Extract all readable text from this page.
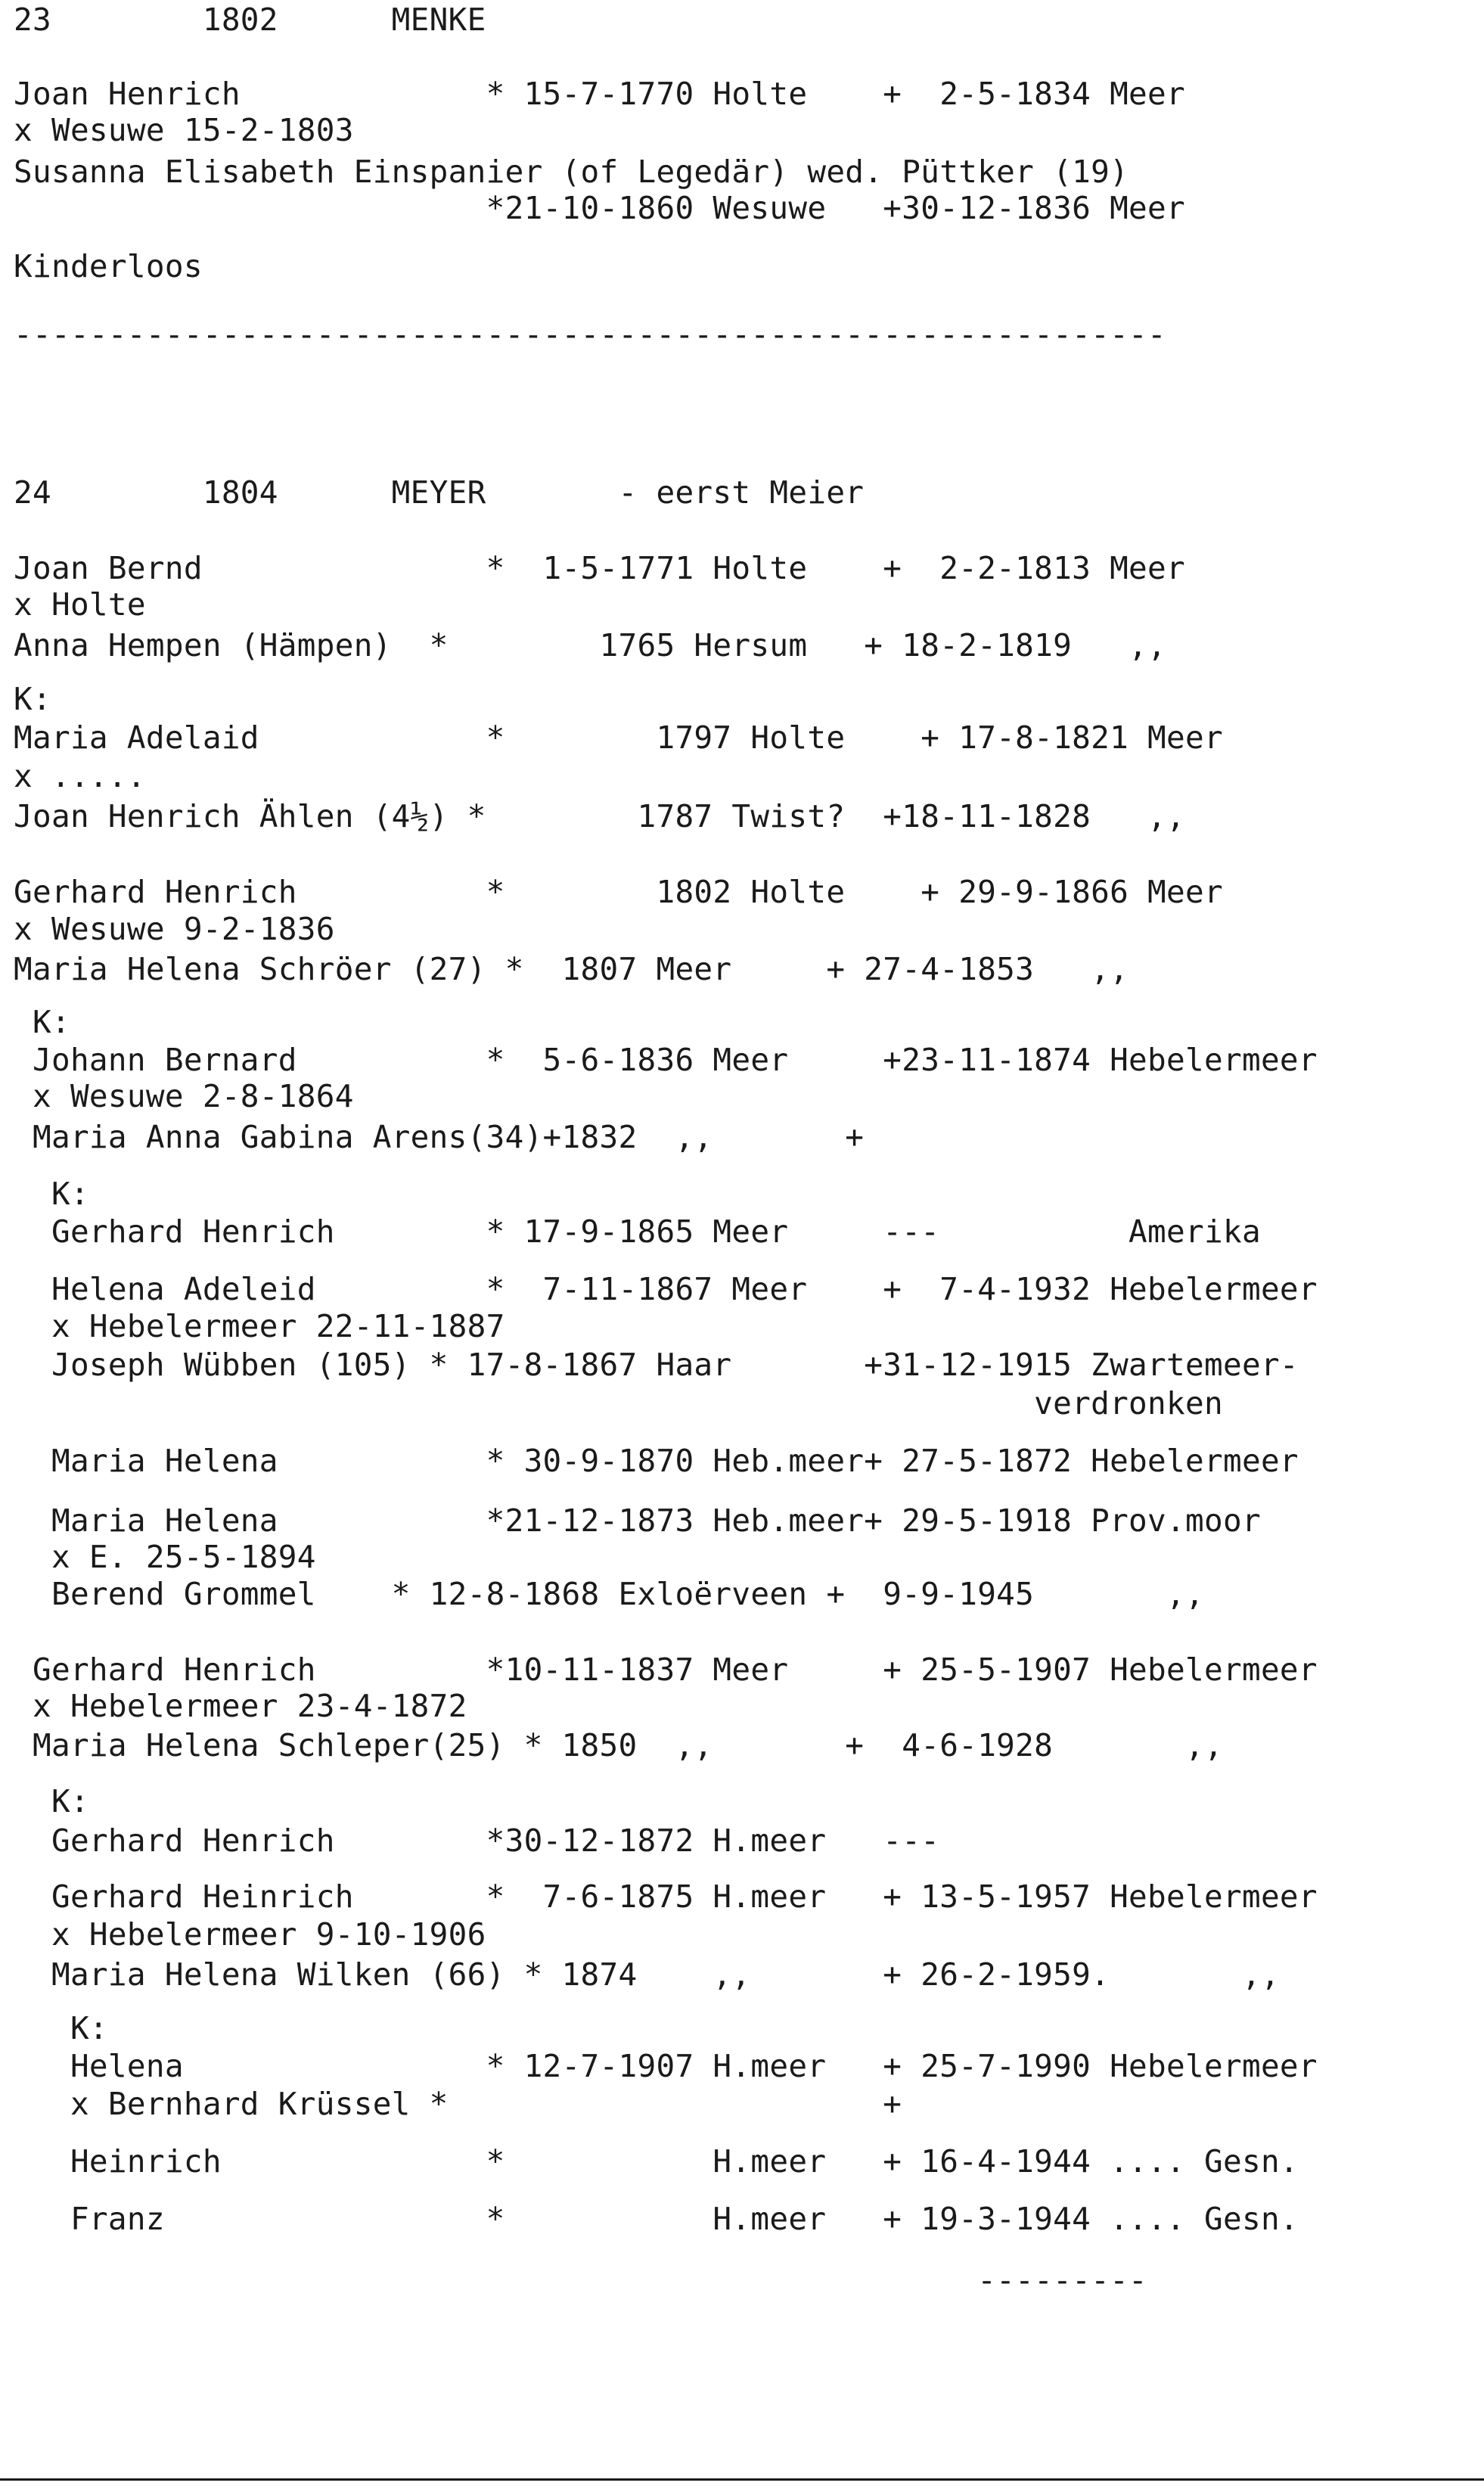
23        1802      MENKE
Joan Henrich             * 15-7-1770 Holte    +  2-5-1834 Meer
x Wesuwe 15-2-1803
Susanna Elisabeth Einspanier (of Legedär) wed. Püttker (19)
*21-10-1860 Wesuwe   +30-12-1836 Meer
Kinderloos
-------------------------------------------------------------
24        1804      MEYER       - eerst Meier
Joan Bernd               *  1-5-1771 Holte    +  2-2-1813 Meer
x Holte
Anna Hempen (Hämpen)  *        1765 Hersum   + 18-2-1819   ,,
K:
Maria Adelaid            *        1797 Holte    + 17-8-1821 Meer
x .....
Joan Henrich Ählen (4½) *        1787 Twist?  +18-11-1828   ,,
Gerhard Henrich          *        1802 Holte    + 29-9-1866 Meer
x Wesuwe 9-2-1836
Maria Helena Schröer (27) *  1807 Meer     + 27-4-1853   ,,
K:
Johann Bernard          *  5-6-1836 Meer     +23-11-1874 Hebelermeer
x Wesuwe 2-8-1864
Maria Anna Gabina Arens(34)+1832  ,,       +
K:
Gerhard Henrich        * 17-9-1865 Meer     ---          Amerika
Helena Adeleid         *  7-11-1867 Meer    +  7-4-1932 Hebelermeer
x Hebelermeer 22-11-1887
Joseph Wübben (105) * 17-8-1867 Haar       +31-12-1915 Zwartemeer-
verdronken
Maria Helena           * 30-9-1870 Heb.meer+ 27-5-1872 Hebelermeer
Maria Helena           *21-12-1873 Heb.meer+ 29-5-1918 Prov.moor
x E. 25-5-1894
Berend Grommel    * 12-8-1868 Exloërveen +  9-9-1945       ,,
Gerhard Henrich         *10-11-1837 Meer     + 25-5-1907 Hebelermeer
x Hebelermeer 23-4-1872
Maria Helena Schleper(25) * 1850  ,,       +  4-6-1928       ,,
K:
Gerhard Henrich        *30-12-1872 H.meer   ---
Gerhard Heinrich       *  7-6-1875 H.meer   + 13-5-1957 Hebelermeer
x Hebelermeer 9-10-1906
Maria Helena Wilken (66) * 1874    ,,       + 26-2-1959.       ,,
K:
Helena                * 12-7-1907 H.meer   + 25-7-1990 Hebelermeer
x Bernhard Krüssel *                       +
Heinrich              *           H.meer   + 16-4-1944 .... Gesn.
Franz                 *           H.meer   + 19-3-1944 .... Gesn.
---------
